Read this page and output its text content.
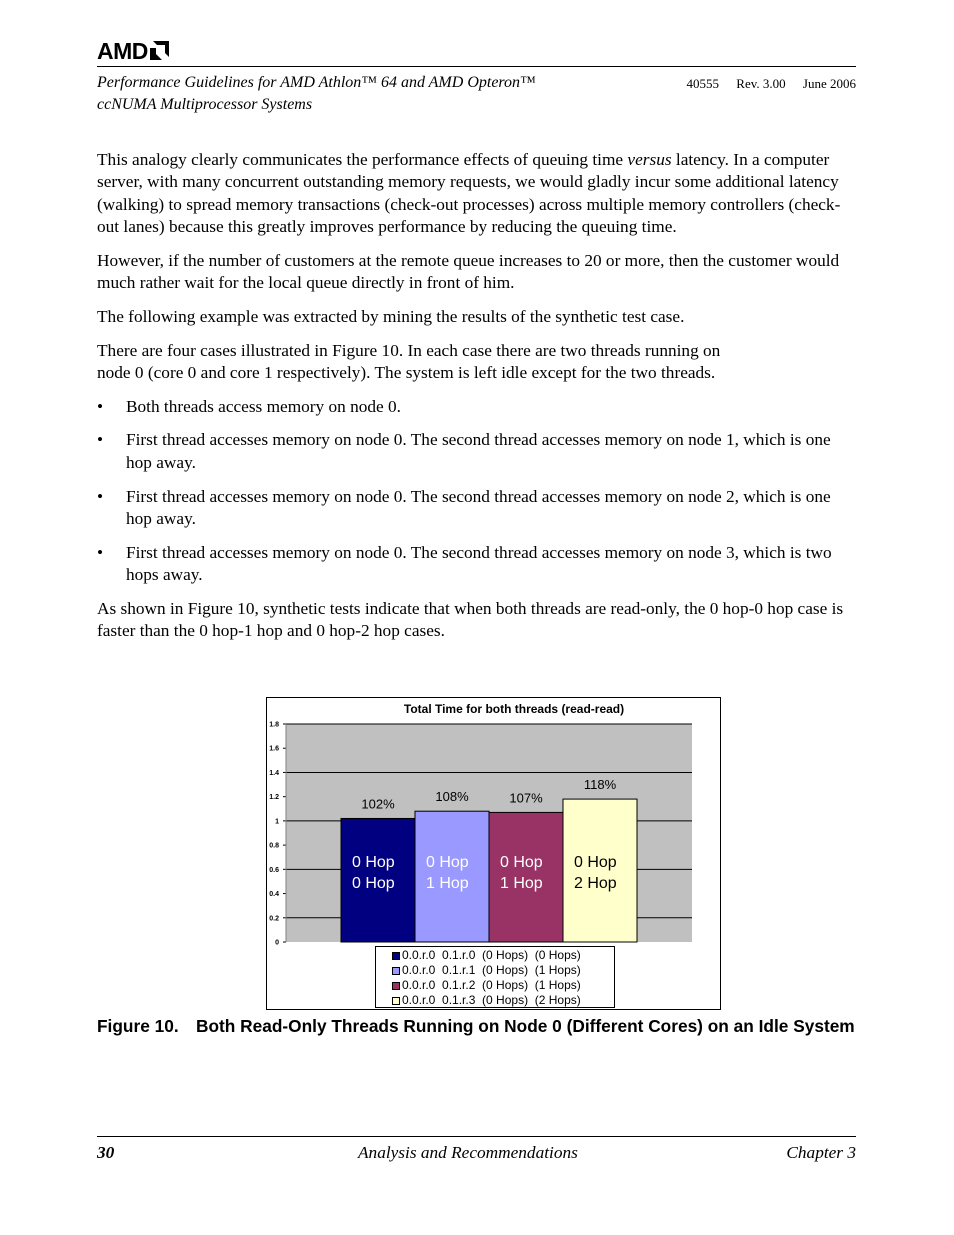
AMD
Performance Guidelines for AMD Athlon™ 64 and AMD Opteron™
ccNUMA Multiprocessor Systems
40555 Rev. 3.00 June 2006

This analogy clearly communicates the performance effects of queuing time versus latency. In a computer server, with many concurrent outstanding memory requests, we would gladly incur some additional latency (walking) to spread memory transactions (check-out processes) across multiple memory controllers (check-out lanes) because this greatly improves performance by reducing the queuing time.

However, if the number of customers at the remote queue increases to 20 or more, then the customer would much rather wait for the local queue directly in front of him.

The following example was extracted by mining the results of the synthetic test case.

There are four cases illustrated in Figure 10. In each case there are two threads running on
node 0 (core 0 and core 1 respectively). The system is left idle except for the two threads.

• Both threads access memory on node 0.
• First thread accesses memory on node 0. The second thread accesses memory on node 1, which is one hop away.
• First thread accesses memory on node 0. The second thread accesses memory on node 2, which is one hop away.
• First thread accesses memory on node 0. The second thread accesses memory on node 3, which is two hops away.

As shown in Figure 10, synthetic tests indicate that when both threads are read-only, the 0 hop-0 hop case is faster than the 0 hop-1 hop and 0 hop-2 hop cases.

Total Time for both threads (read-read)
0
0.2
0.4
0.6
0.8
1
1.2
1.4
1.6
1.8
102%
0 Hop
0 Hop
108%
0 Hop
1 Hop
107%
0 Hop
1 Hop
118%
0 Hop
2 Hop
0.0.r.0  0.1.r.0  (0 Hops)  (0 Hops)
0.0.r.0  0.1.r.1  (0 Hops)  (1 Hops)
0.0.r.0  0.1.r.2  (0 Hops)  (1 Hops)
0.0.r.0  0.1.r.3  (0 Hops)  (2 Hops)
Figure 10. Both Read-Only Threads Running on Node 0 (Different Cores) on an Idle System
30	Analysis and Recommendations	Chapter 3
